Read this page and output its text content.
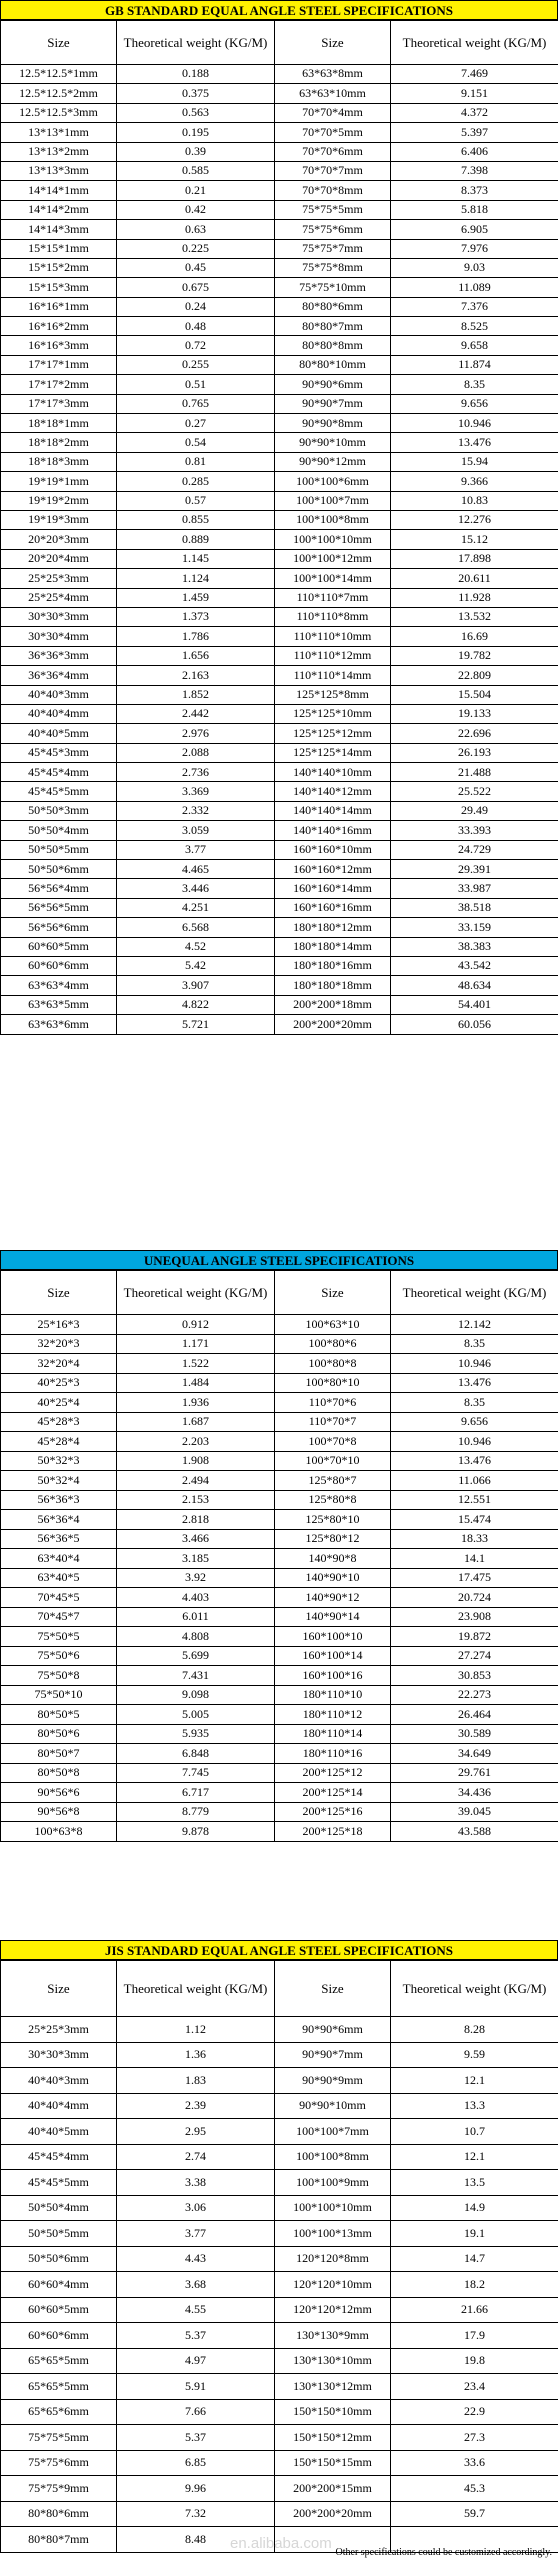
GB STANDARD EQUAL ANGLE STEEL SPECIFICATIONS
Size	Theoretical weight (KG/M)	Size	Theoretical weight (KG/M)
12.5*12.5*1mm	0.188	63*63*8mm	7.469
12.5*12.5*2mm	0.375	63*63*10mm	9.151
12.5*12.5*3mm	0.563	70*70*4mm	4.372
13*13*1mm	0.195	70*70*5mm	5.397
13*13*2mm	0.39	70*70*6mm	6.406
13*13*3mm	0.585	70*70*7mm	7.398
14*14*1mm	0.21	70*70*8mm	8.373
14*14*2mm	0.42	75*75*5mm	5.818
14*14*3mm	0.63	75*75*6mm	6.905
15*15*1mm	0.225	75*75*7mm	7.976
15*15*2mm	0.45	75*75*8mm	9.03
15*15*3mm	0.675	75*75*10mm	11.089
16*16*1mm	0.24	80*80*6mm	7.376
16*16*2mm	0.48	80*80*7mm	8.525
16*16*3mm	0.72	80*80*8mm	9.658
17*17*1mm	0.255	80*80*10mm	11.874
17*17*2mm	0.51	90*90*6mm	8.35
17*17*3mm	0.765	90*90*7mm	9.656
18*18*1mm	0.27	90*90*8mm	10.946
18*18*2mm	0.54	90*90*10mm	13.476
18*18*3mm	0.81	90*90*12mm	15.94
19*19*1mm	0.285	100*100*6mm	9.366
19*19*2mm	0.57	100*100*7mm	10.83
19*19*3mm	0.855	100*100*8mm	12.276
20*20*3mm	0.889	100*100*10mm	15.12
20*20*4mm	1.145	100*100*12mm	17.898
25*25*3mm	1.124	100*100*14mm	20.611
25*25*4mm	1.459	110*110*7mm	11.928
30*30*3mm	1.373	110*110*8mm	13.532
30*30*4mm	1.786	110*110*10mm	16.69
36*36*3mm	1.656	110*110*12mm	19.782
36*36*4mm	2.163	110*110*14mm	22.809
40*40*3mm	1.852	125*125*8mm	15.504
40*40*4mm	2.442	125*125*10mm	19.133
40*40*5mm	2.976	125*125*12mm	22.696
45*45*3mm	2.088	125*125*14mm	26.193
45*45*4mm	2.736	140*140*10mm	21.488
45*45*5mm	3.369	140*140*12mm	25.522
50*50*3mm	2.332	140*140*14mm	29.49
50*50*4mm	3.059	140*140*16mm	33.393
50*50*5mm	3.77	160*160*10mm	24.729
50*50*6mm	4.465	160*160*12mm	29.391
56*56*4mm	3.446	160*160*14mm	33.987
56*56*5mm	4.251	160*160*16mm	38.518
56*56*6mm	6.568	180*180*12mm	33.159
60*60*5mm	4.52	180*180*14mm	38.383
60*60*6mm	5.42	180*180*16mm	43.542
63*63*4mm	3.907	180*180*18mm	48.634
63*63*5mm	4.822	200*200*18mm	54.401
63*63*6mm	5.721	200*200*20mm	60.056
UNEQUAL ANGLE STEEL SPECIFICATIONS
Size	Theoretical weight (KG/M)	Size	Theoretical weight (KG/M)
25*16*3	0.912	100*63*10	12.142
32*20*3	1.171	100*80*6	8.35
32*20*4	1.522	100*80*8	10.946
40*25*3	1.484	100*80*10	13.476
40*25*4	1.936	110*70*6	8.35
45*28*3	1.687	110*70*7	9.656
45*28*4	2.203	100*70*8	10.946
50*32*3	1.908	100*70*10	13.476
50*32*4	2.494	125*80*7	11.066
56*36*3	2.153	125*80*8	12.551
56*36*4	2.818	125*80*10	15.474
56*36*5	3.466	125*80*12	18.33
63*40*4	3.185	140*90*8	14.1
63*40*5	3.92	140*90*10	17.475
70*45*5	4.403	140*90*12	20.724
70*45*7	6.011	140*90*14	23.908
75*50*5	4.808	160*100*10	19.872
75*50*6	5.699	160*100*14	27.274
75*50*8	7.431	160*100*16	30.853
75*50*10	9.098	180*110*10	22.273
80*50*5	5.005	180*110*12	26.464
80*50*6	5.935	180*110*14	30.589
80*50*7	6.848	180*110*16	34.649
80*50*8	7.745	200*125*12	29.761
90*56*6	6.717	200*125*14	34.436
90*56*8	8.779	200*125*16	39.045
100*63*8	9.878	200*125*18	43.588
JIS STANDARD EQUAL ANGLE STEEL SPECIFICATIONS
Size	Theoretical weight (KG/M)	Size	Theoretical weight (KG/M)
25*25*3mm	1.12	90*90*6mm	8.28
30*30*3mm	1.36	90*90*7mm	9.59
40*40*3mm	1.83	90*90*9mm	12.1
40*40*4mm	2.39	90*90*10mm	13.3
40*40*5mm	2.95	100*100*7mm	10.7
45*45*4mm	2.74	100*100*8mm	12.1
45*45*5mm	3.38	100*100*9mm	13.5
50*50*4mm	3.06	100*100*10mm	14.9
50*50*5mm	3.77	100*100*13mm	19.1
50*50*6mm	4.43	120*120*8mm	14.7
60*60*4mm	3.68	120*120*10mm	18.2
60*60*5mm	4.55	120*120*12mm	21.66
60*60*6mm	5.37	130*130*9mm	17.9
65*65*5mm	4.97	130*130*10mm	19.8
65*65*5mm	5.91	130*130*12mm	23.4
65*65*6mm	7.66	150*150*10mm	22.9
75*75*5mm	5.37	150*150*12mm	27.3
75*75*6mm	6.85	150*150*15mm	33.6
75*75*9mm	9.96	200*200*15mm	45.3
80*80*6mm	7.32	200*200*20mm	59.7
80*80*7mm	8.48		en.alibaba.com
Other specifications could be customized accordingly.
